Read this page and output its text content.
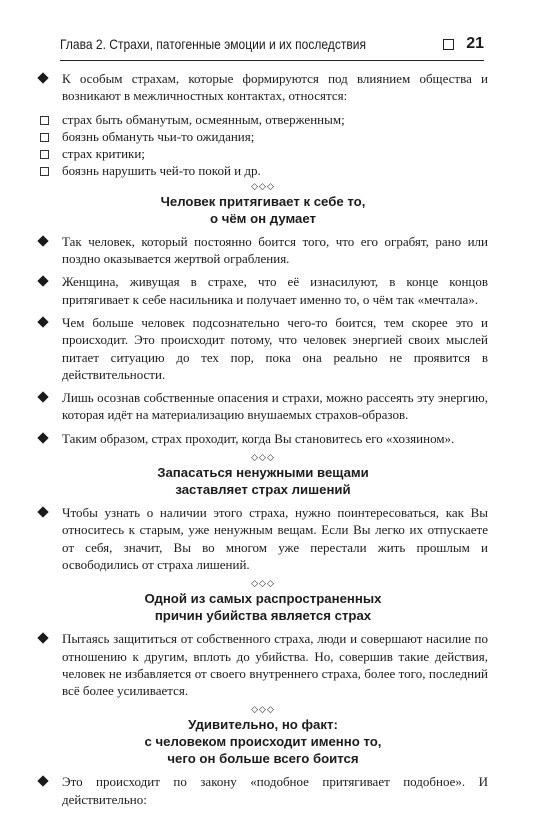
Глава 2. Страхи, патогенные эмоции и их последствия	21
К особым страхам, которые формируются под влиянием общества и возникают в межличностных контактах, относятся:
страх быть обманутым, осмеянным, отверженным;
боязнь обмануть чьи-то ожидания;
страх критики;
боязнь нарушить чей-то покой и др.
◇◇◇
Человек притягивает к себе то,
о чём он думает
Так человек, который постоянно боится того, что его ограбят, рано или поздно оказывается жертвой ограбления.
Женщина, живущая в страхе, что её изнасилуют, в конце концов притягивает к себе насильника и получает именно то, о чём так «мечтала».
Чем больше человек подсознательно чего-то боится, тем скорее это и происходит. Это происходит потому, что человек энергией своих мыслей питает ситуацию до тех пор, пока она реально не проявится в действительности.
Лишь осознав собственные опасения и страхи, можно рассеять эту энергию, которая идёт на материализацию внушаемых страхов-образов.
Таким образом, страх проходит, когда Вы становитесь его «хозяином».
◇◇◇
Запасаться ненужными вещами
заставляет страх лишений
Чтобы узнать о наличии этого страха, нужно поинтересоваться, как Вы относитесь к старым, уже ненужным вещам. Если Вы легко их отпускаете от себя, значит, Вы во многом уже перестали жить прошлым и освободились от страха лишений.
◇◇◇
Одной из самых распространенных
причин убийства является страх
Пытаясь защититься от собственного страха, люди и совершают насилие по отношению к другим, вплоть до убийства. Но, совершив такие действия, человек не избавляется от своего внутреннего страха, более того, последний всё более усиливается.
◇◇◇
Удивительно, но факт:
с человеком происходит именно то,
чего он больше всего боится
Это происходит по закону «подобное притягивает подобное». И действительно:
